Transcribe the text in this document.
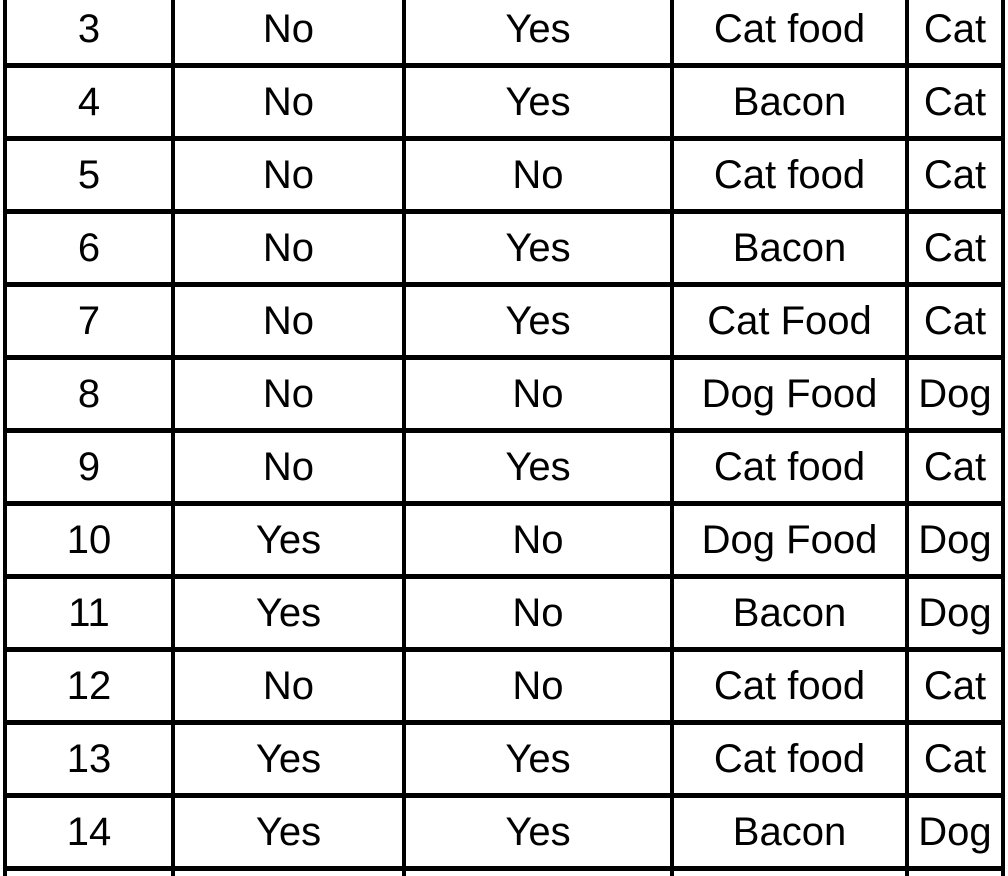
3	No	Yes	Cat food	Cat
4	No	Yes	Bacon	Cat
5	No	No	Cat food	Cat
6	No	Yes	Bacon	Cat
7	No	Yes	Cat Food	Cat
8	No	No	Dog Food	Dog
9	No	Yes	Cat food	Cat
10	Yes	No	Dog Food	Dog
11	Yes	No	Bacon	Dog
12	No	No	Cat food	Cat
13	Yes	Yes	Cat food	Cat
14	Yes	Yes	Bacon	Dog
